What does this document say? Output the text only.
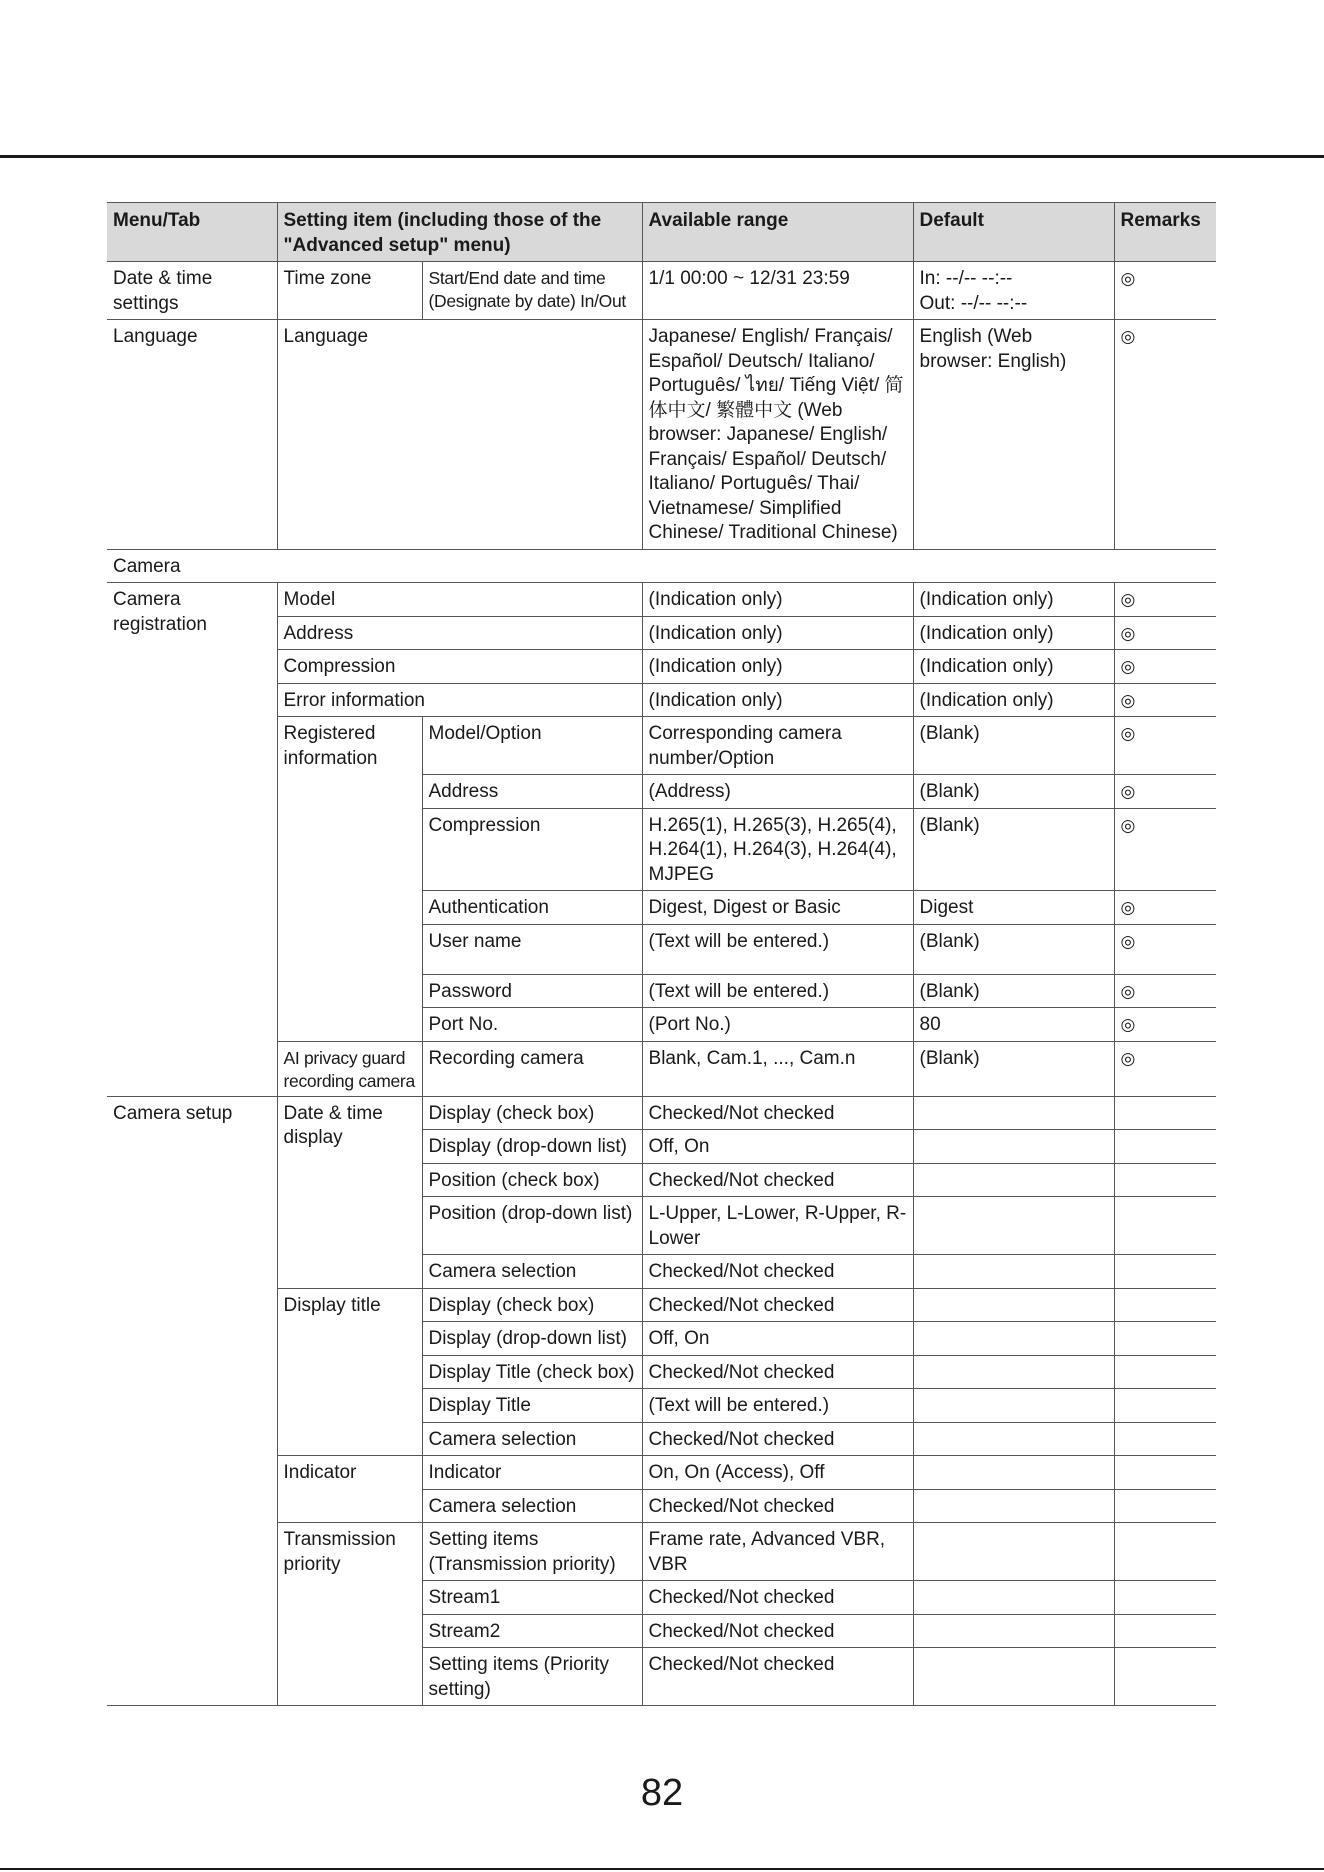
Menu/Tab	Setting item (including those of the "Advanced setup" menu)		Available range	Default	Remarks
Date & time settings	Time zone	Start/End date and time (Designate by date) In/Out	1/1 00:00 ~ 12/31 23:59	In: --/-- --:--
Out: --/-- --:--	◎
Language	Language		Japanese/ English/ Français/ Español/ Deutsch/ Italiano/ Português/ ไทย/ Tiếng Việt/ 简体中文/ 繁體中文 (Web browser: Japanese/ English/ Français/ Español/ Deutsch/ Italiano/ Português/ Thai/ Vietnamese/ Simplified Chinese/ Traditional Chinese)	English (Web browser: English)	◎
Camera					
Camera registration	Model		(Indication only)	(Indication only)	◎
	Address		(Indication only)	(Indication only)	◎
	Compression		(Indication only)	(Indication only)	◎
	Error information		(Indication only)	(Indication only)	◎
	Registered information	Model/Option	Corresponding camera number/Option	(Blank)	◎
		Address	(Address)	(Blank)	◎
		Compression	H.265(1), H.265(3), H.265(4), H.264(1), H.264(3), H.264(4), MJPEG	(Blank)	◎
		Authentication	Digest, Digest or Basic	Digest	◎
		User name	(Text will be entered.)	(Blank)	◎
		Password	(Text will be entered.)	(Blank)	◎
		Port No.	(Port No.)	80	◎
	AI privacy guard recording camera	Recording camera	Blank, Cam.1, ..., Cam.n	(Blank)	◎
Camera setup	Date & time display	Display (check box)	Checked/Not checked		
		Display (drop-down list)	Off, On		
		Position (check box)	Checked/Not checked		
		Position (drop-down list)	L-Upper, L-Lower, R-Upper, R-Lower		
		Camera selection	Checked/Not checked		
	Display title	Display (check box)	Checked/Not checked		
		Display (drop-down list)	Off, On		
		Display Title (check box)	Checked/Not checked		
		Display Title	(Text will be entered.)		
		Camera selection	Checked/Not checked		
	Indicator	Indicator	On, On (Access), Off		
		Camera selection	Checked/Not checked		
	Transmission priority	Setting items (Transmission priority)	Frame rate, Advanced VBR, VBR		
		Stream1	Checked/Not checked		
		Stream2	Checked/Not checked		
		Setting items (Priority setting)	Checked/Not checked		
82
